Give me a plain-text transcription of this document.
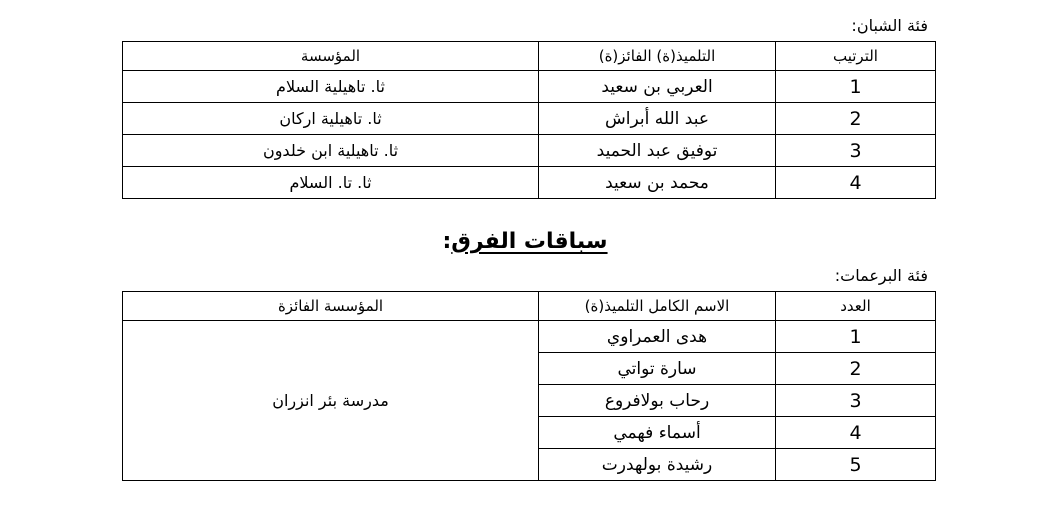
فئة الشبان:
الترتيب	التلميذ(ة) الفائز(ة)	المؤسسة
1	العربي بن سعيد	ثا. تاهيلية السلام
2	عبد الله أبراش	ثا. تاهيلية اركان
3	توفيق عبد الحميد	ثا. تاهيلية ابن خلدون
4	محمد بن سعيد	ثا. تا. السلام
سباقات الفرق:
فئة البرعمات:
العدد	الاسم الكامل التلميذ(ة)	المؤسسة الفائزة
1	هدى العمراوي	مدرسة بئر انزران
2	سارة تواتي	
3	رحاب بولافروع	
4	أسماء فهمي	
5	رشيدة بولهدرت	
